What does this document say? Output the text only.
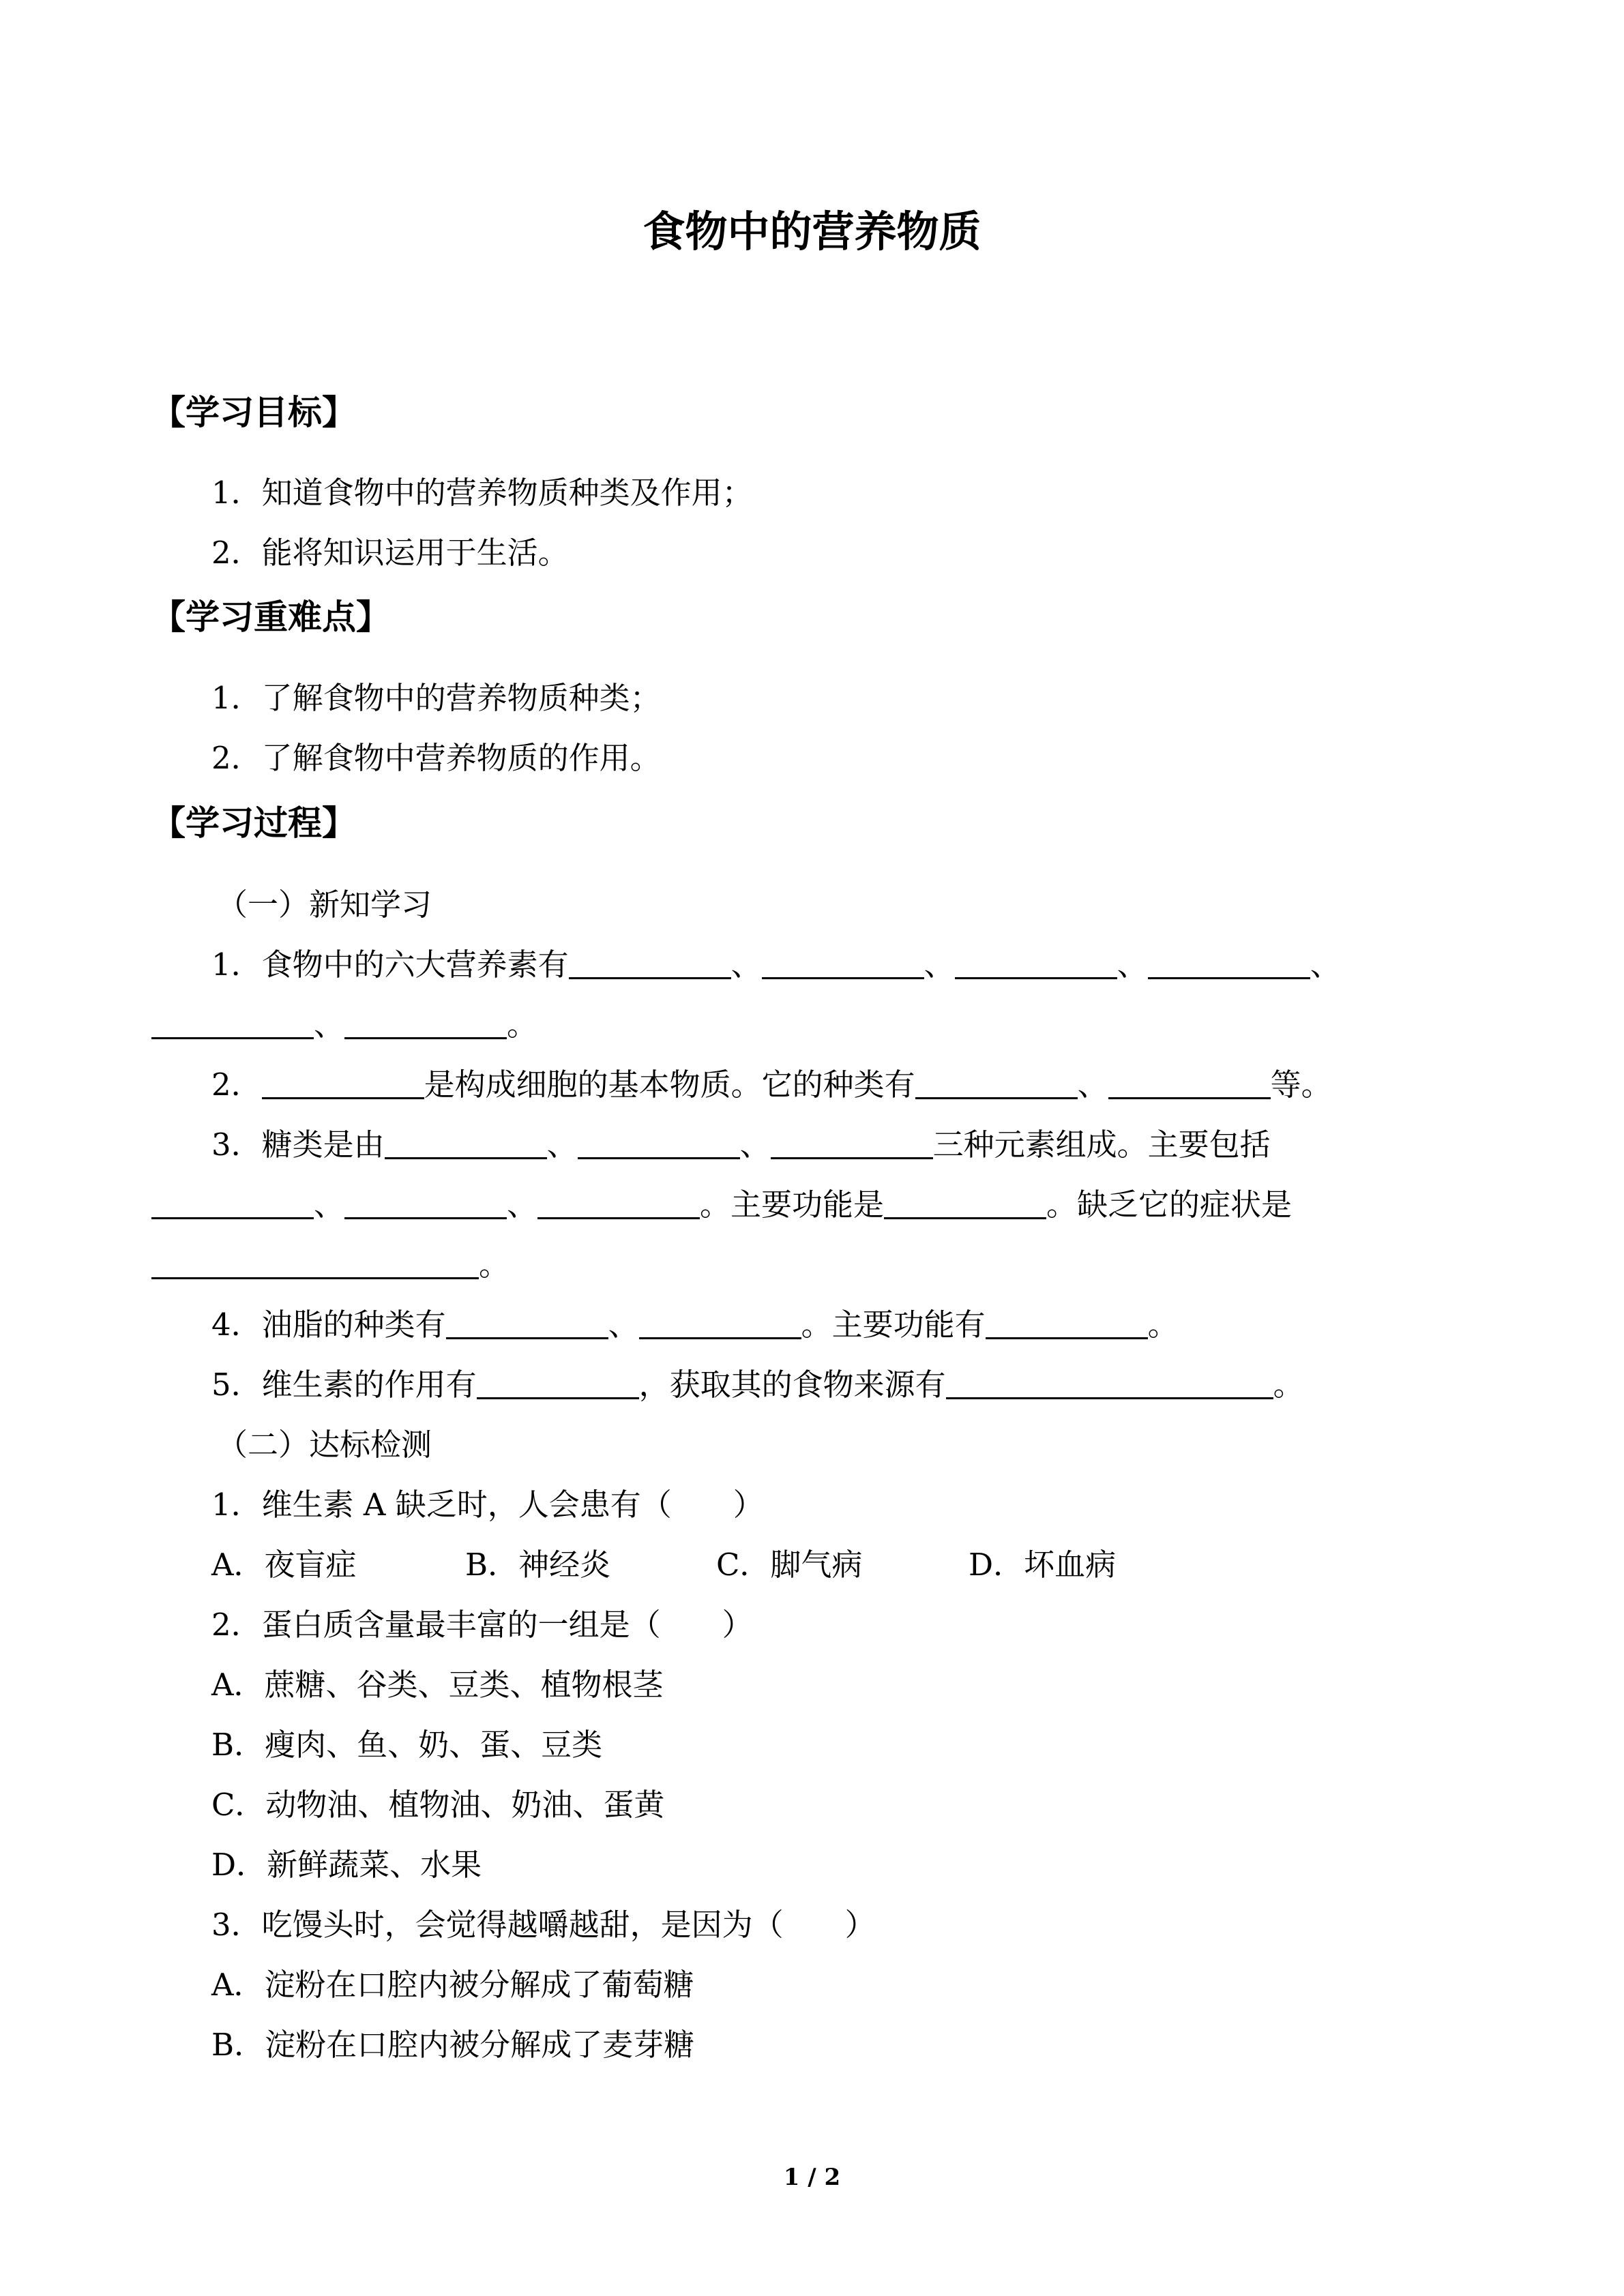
食物中的营养物质
【学习目标】
1．知道食物中的营养物质种类及作用；
2．能将知识运用于生活。
【学习重难点】
1．了解食物中的营养物质种类；
2．了解食物中营养物质的作用。
【学习过程】
（一）新知学习
1．食物中的六大营养素有	、	、	、	、
、	。
2．	是构成细胞的基本物质。它的种类有	、	等。
3．糖类是由	、	、	三种元素组成。主要包括
、	、	。主要功能是	。缺乏它的症状是
。
4．油脂的种类有	、	。主要功能有	。
5．维生素的作用有	，获取其的食物来源有	。
（二）达标检测
1．维生素 A 缺乏时，人会患有（　　）
A．夜盲症	B．神经炎	C．脚气病	D．坏血病
2．蛋白质含量最丰富的一组是（　　）
A．蔗糖、谷类、豆类、植物根茎
B．瘦肉、鱼、奶、蛋、豆类
C．动物油、植物油、奶油、蛋黄
D．新鲜蔬菜、水果
3．吃馒头时，会觉得越嚼越甜，是因为（　　）
A．淀粉在口腔内被分解成了葡萄糖
B．淀粉在口腔内被分解成了麦芽糖
1 / 2
